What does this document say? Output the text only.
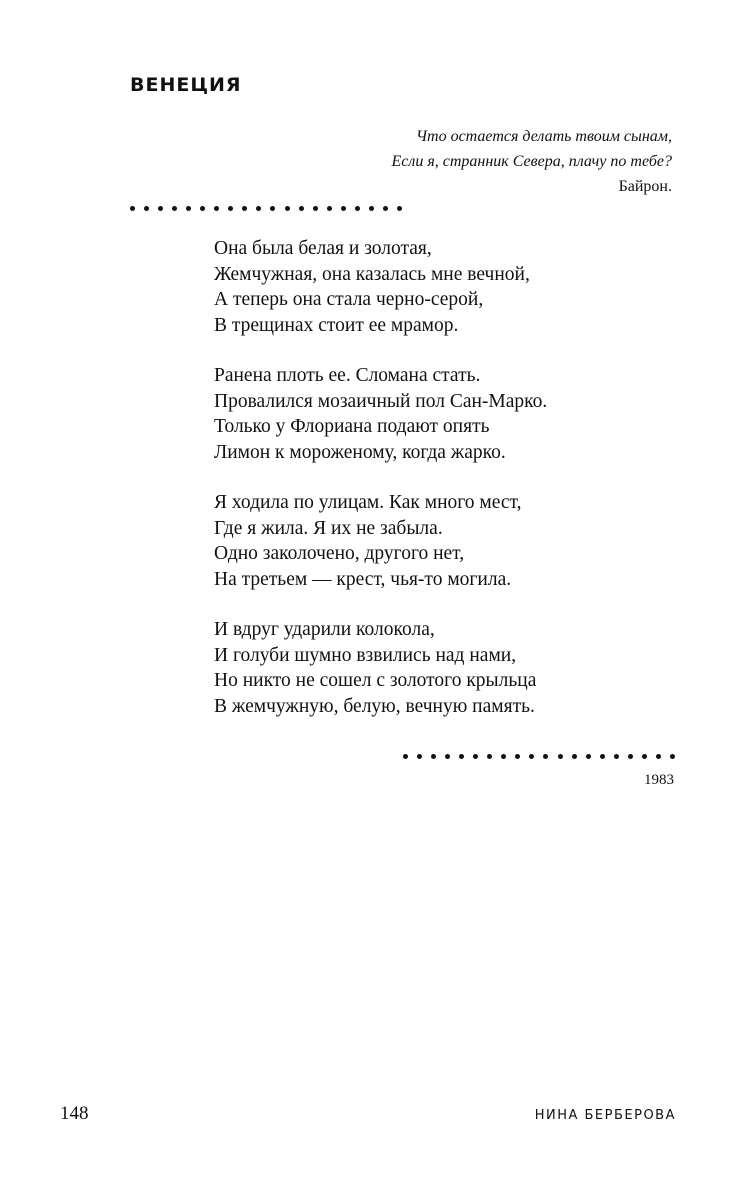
ВЕНЕЦИЯ
Что остается делать твоим сынам,
Если я, странник Севера, плачу по тебе?
Байрон.
Она была белая и золотая,
Жемчужная, она казалась мне вечной,
А теперь она стала черно-серой,
В трещинах стоит ее мрамор.
Ранена плоть ее. Сломана стать.
Провалился мозаичный пол Сан-Марко.
Только у Флориана подают опять
Лимон к мороженому, когда жарко.
Я ходила по улицам. Как много мест,
Где я жила. Я их не забыла.
Одно заколочено, другого нет,
На третьем — крест, чья-то могила.
И вдруг ударили колокола,
И голуби шумно взвились над нами,
Но никто не сошел с золотого крыльца
В жемчужную, белую, вечную память.
1983
148	НИНА БЕРБЕРОВА
